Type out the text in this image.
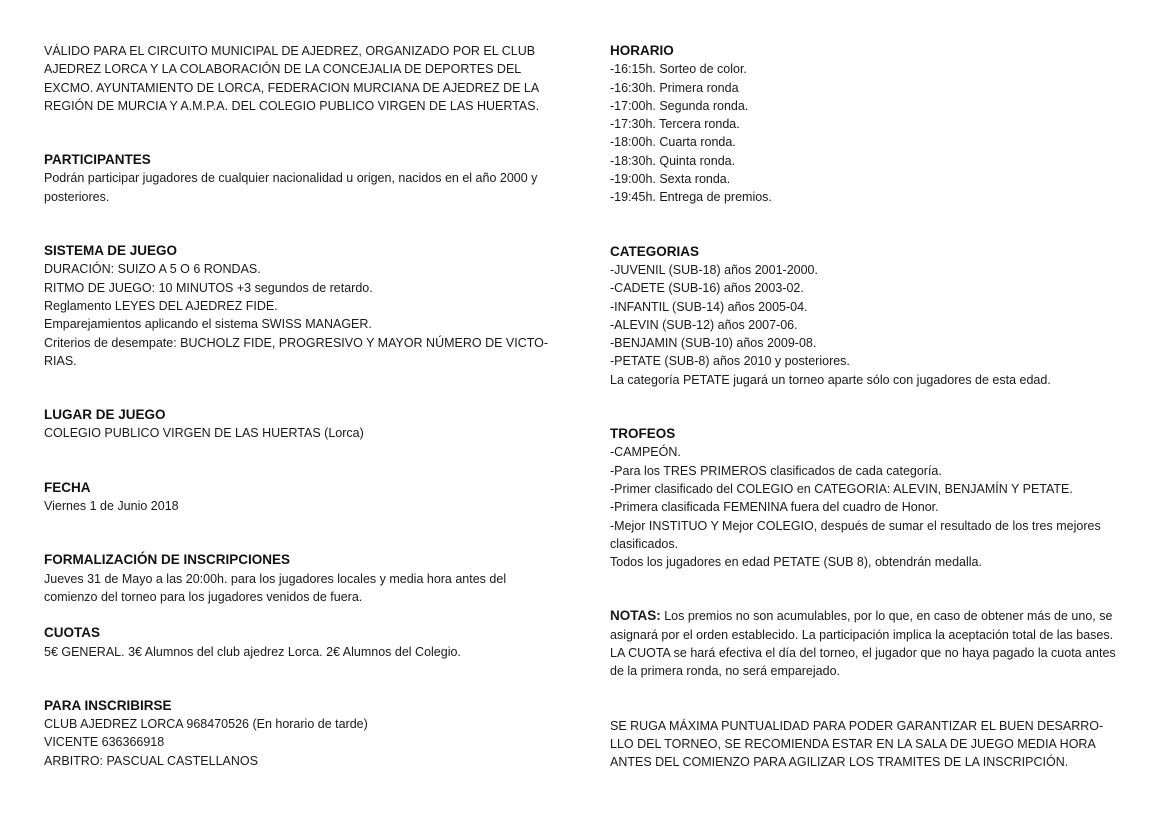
VÁLIDO PARA EL CIRCUITO MUNICIPAL DE AJEDREZ, ORGANIZADO POR EL CLUB
AJEDREZ LORCA Y LA COLABORACIÓN DE LA CONCEJALIA DE DEPORTES DEL
EXCMO. AYUNTAMIENTO DE LORCA, FEDERACION MURCIANA DE AJEDREZ DE LA
REGIÓN DE MURCIA Y A.M.P.A. DEL COLEGIO PUBLICO VIRGEN DE LAS HUERTAS.
PARTICIPANTES
Podrán participar jugadores de cualquier nacionalidad u origen, nacidos en el año 2000 y
posteriores.
SISTEMA DE JUEGO
DURACIÓN: SUIZO A 5 O 6 RONDAS.
RITMO DE JUEGO: 10 MINUTOS +3 segundos de retardo.
Reglamento LEYES DEL AJEDREZ FIDE.
Emparejamientos aplicando el sistema SWISS MANAGER.
Criterios de desempate: BUCHOLZ FIDE, PROGRESIVO Y MAYOR NÚMERO DE VICTO-
RIAS.
LUGAR DE JUEGO
COLEGIO PUBLICO VIRGEN DE LAS HUERTAS (Lorca)
FECHA
Viernes 1 de Junio 2018
FORMALIZACIÓN DE INSCRIPCIONES
Jueves 31 de Mayo a las 20:00h. para los jugadores locales y media hora antes del
comienzo del torneo para los jugadores venidos de fuera.
CUOTAS
5€ GENERAL. 3€ Alumnos del club ajedrez Lorca. 2€ Alumnos del Colegio.
PARA INSCRIBIRSE
CLUB AJEDREZ LORCA 968470526 (En horario de tarde)
VICENTE 636366918
ARBITRO: PASCUAL CASTELLANOS
HORARIO
-16:15h. Sorteo de color.
-16:30h. Primera ronda
-17:00h. Segunda ronda.
-17:30h. Tercera ronda.
-18:00h. Cuarta ronda.
-18:30h. Quinta ronda.
-19:00h. Sexta ronda.
-19:45h. Entrega de premios.
CATEGORIAS
-JUVENIL (SUB-18) años 2001-2000.
-CADETE (SUB-16) años 2003-02.
-INFANTIL (SUB-14) años 2005-04.
-ALEVIN (SUB-12) años 2007-06.
-BENJAMIN (SUB-10) años 2009-08.
-PETATE (SUB-8) años 2010 y posteriores.
La categoría PETATE jugará un torneo aparte sólo con jugadores de esta edad.
TROFEOS
-CAMPEÓN.
-Para los TRES PRIMEROS clasificados de cada categoría.
-Primer clasificado del COLEGIO en CATEGORIA: ALEVIN, BENJAMÍN Y PETATE.
-Primera clasificada FEMENINA fuera del cuadro de Honor.
-Mejor INSTITUO Y Mejor COLEGIO, después de sumar el resultado de los tres mejores
clasificados.
Todos los jugadores en edad PETATE (SUB 8), obtendrán medalla.
NOTAS: Los premios no son acumulables, por lo que, en caso de obtener más de uno, se
asignará por el orden establecido. La participación implica la aceptación total de las bases.
LA CUOTA se hará efectiva el día del torneo, el jugador que no haya pagado la cuota antes
de la primera ronda, no será emparejado.
SE RUGA MÁXIMA PUNTUALIDAD PARA PODER GARANTIZAR EL BUEN DESARRO-
LLO DEL TORNEO, SE RECOMIENDA ESTAR EN LA SALA DE JUEGO MEDIA HORA
ANTES DEL COMIENZO PARA AGILIZAR LOS TRAMITES DE LA INSCRIPCIÓN.
